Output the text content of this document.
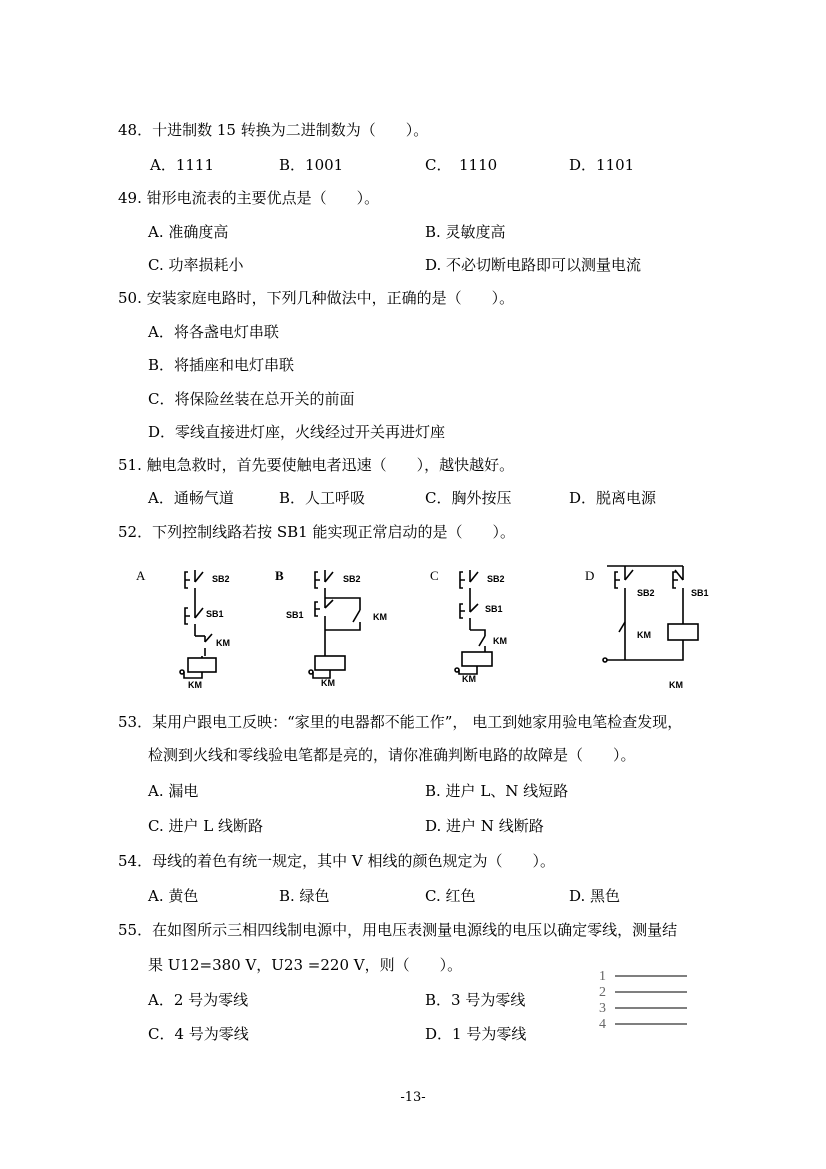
48．十进制数 15 转换为二进制数为（　　）。
A．1111	B．1001	C．　1110	D．1101
49. 钳形电流表的主要优点是（　　）。
A. 准确度高	B. 灵敏度高
C. 功率损耗小	D. 不必切断电路即可以测量电流
50. 安装家庭电路时，下列几种做法中，正确的是（　　）。
A．将各盏电灯串联
B．将插座和电灯串联
C．将保险丝装在总开关的前面
D．零线直接进灯座，火线经过开关再进灯座
51. 触电急救时，首先要使触电者迅速（　　），越快越好。
A．通畅气道	B．人工呼吸	C．胸外按压	D．脱离电源
52．下列控制线路若按 SB1 能实现正常启动的是（　　）。
A	SB2
SB1
KM
KM
B	SB2
SB1	KM
KM
C	SB2
SB1
KM
KM
D
SB2	SB1
KM
KM
53．某用户跟电工反映：“家里的电器都不能工作”， 电工到她家用验电笔检查发现，
检测到火线和零线验电笔都是亮的，请你准确判断电路的故障是（　　）。
A. 漏电	B. 进户 L、N 线短路
C. 进户 L 线断路	D. 进户 N 线断路
54．母线的着色有统一规定，其中 V 相线的颜色规定为（　　）。
A. 黄色	B. 绿色	C. 红色	D. 黑色
55．在如图所示三相四线制电源中，用电压表测量电源线的电压以确定零线，测量结
果 U12=380 V，U23 =220 V，则（　　）。
A．2 号为零线	B．3 号为零线
C．4 号为零线	D．1 号为零线
1
2
3
4
-13-
